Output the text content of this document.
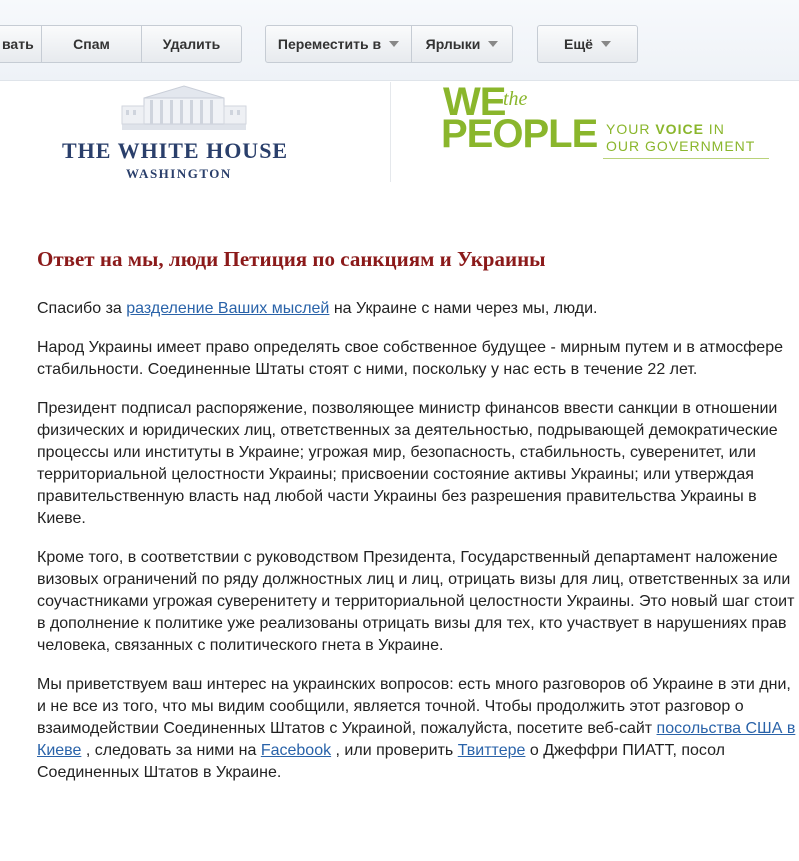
вать	Спам	Удалить	Переместить в	Ярлыки	Ещё
THE WHITE HOUSE
WASHINGTON
WE
the
PEOPLE YOUR VOICE IN
OUR GOVERNMENT
Ответ на мы, люди Петиция по санкциям и Украины

Спасибо за разделение Ваших мыслей на Украине с нами через мы, люди.

Народ Украины имеет право определять свое собственное будущее - мирным путем и в атмосфере стабильности. Соединенные Штаты стоят с ними, поскольку у нас есть в течение 22 лет.

Президент подписал распоряжение, позволяющее министр финансов ввести санкции в отношении физических и юридических лиц, ответственных за деятельностью, подрывающей демократические процессы или институты в Украине; угрожая мир, безопасность, стабильность, суверенитет, или территориальной целостности Украины; присвоении состояние активы Украины; или утверждая правительственную власть над любой части Украины без разрешения правительства Украины в Киеве.

Кроме того, в соответствии с руководством Президента, Государственный департамент наложение визовых ограничений по ряду должностных лиц и лиц, отрицать визы для лиц, ответственных за или соучастниками угрожая суверенитету и территориальной целостности Украины. Это новый шаг стоит в дополнение к политике уже реализованы отрицать визы для тех, кто участвует в нарушениях прав человека, связанных с политического гнета в Украине.

Мы приветствуем ваш интерес на украинских вопросов: есть много разговоров об Украине в эти дни, и не все из того, что мы видим сообщили, является точной. Чтобы продолжить этот разговор о взаимодействии Соединенных Штатов с Украиной, пожалуйста, посетите веб-сайт посольства США в Киеве , следовать за ними на Facebook , или проверить Твиттере о Джеффри ПИАТТ, посол Соединенных Штатов в Украине.
